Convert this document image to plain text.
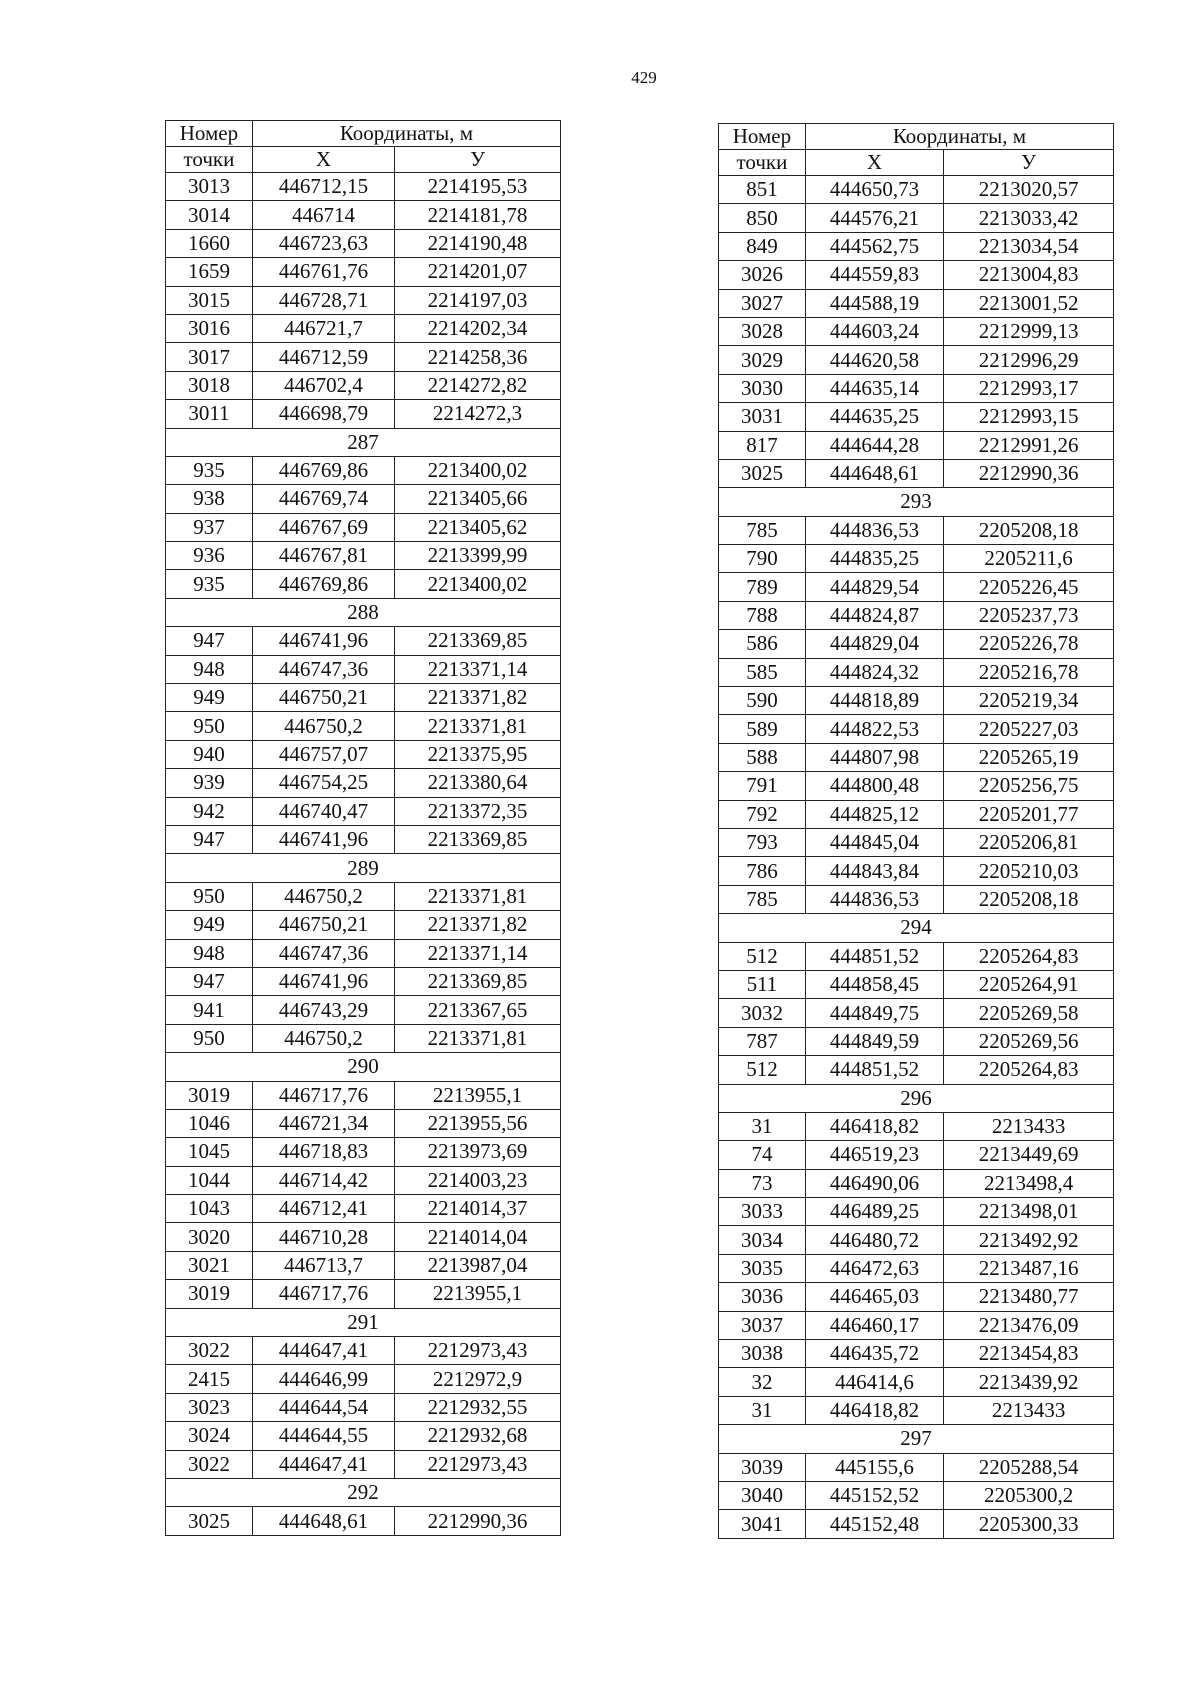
429
Номер	Координаты, м	
точки	X	У
3013	446712,15	2214195,53
3014	446714	2214181,78
1660	446723,63	2214190,48
1659	446761,76	2214201,07
3015	446728,71	2214197,03
3016	446721,7	2214202,34
3017	446712,59	2214258,36
3018	446702,4	2214272,82
3011	446698,79	2214272,3
287		
935	446769,86	2213400,02
938	446769,74	2213405,66
937	446767,69	2213405,62
936	446767,81	2213399,99
935	446769,86	2213400,02
288		
947	446741,96	2213369,85
948	446747,36	2213371,14
949	446750,21	2213371,82
950	446750,2	2213371,81
940	446757,07	2213375,95
939	446754,25	2213380,64
942	446740,47	2213372,35
947	446741,96	2213369,85
289		
950	446750,2	2213371,81
949	446750,21	2213371,82
948	446747,36	2213371,14
947	446741,96	2213369,85
941	446743,29	2213367,65
950	446750,2	2213371,81
290		
3019	446717,76	2213955,1
1046	446721,34	2213955,56
1045	446718,83	2213973,69
1044	446714,42	2214003,23
1043	446712,41	2214014,37
3020	446710,28	2214014,04
3021	446713,7	2213987,04
3019	446717,76	2213955,1
291		
3022	444647,41	2212973,43
2415	444646,99	2212972,9
3023	444644,54	2212932,55
3024	444644,55	2212932,68
3022	444647,41	2212973,43
292		
3025	444648,61	2212990,36
Номер	Координаты, м	
точки	X	У
851	444650,73	2213020,57
850	444576,21	2213033,42
849	444562,75	2213034,54
3026	444559,83	2213004,83
3027	444588,19	2213001,52
3028	444603,24	2212999,13
3029	444620,58	2212996,29
3030	444635,14	2212993,17
3031	444635,25	2212993,15
817	444644,28	2212991,26
3025	444648,61	2212990,36
293		
785	444836,53	2205208,18
790	444835,25	2205211,6
789	444829,54	2205226,45
788	444824,87	2205237,73
586	444829,04	2205226,78
585	444824,32	2205216,78
590	444818,89	2205219,34
589	444822,53	2205227,03
588	444807,98	2205265,19
791	444800,48	2205256,75
792	444825,12	2205201,77
793	444845,04	2205206,81
786	444843,84	2205210,03
785	444836,53	2205208,18
294		
512	444851,52	2205264,83
511	444858,45	2205264,91
3032	444849,75	2205269,58
787	444849,59	2205269,56
512	444851,52	2205264,83
296		
31	446418,82	2213433
74	446519,23	2213449,69
73	446490,06	2213498,4
3033	446489,25	2213498,01
3034	446480,72	2213492,92
3035	446472,63	2213487,16
3036	446465,03	2213480,77
3037	446460,17	2213476,09
3038	446435,72	2213454,83
32	446414,6	2213439,92
31	446418,82	2213433
297		
3039	445155,6	2205288,54
3040	445152,52	2205300,2
3041	445152,48	2205300,33
